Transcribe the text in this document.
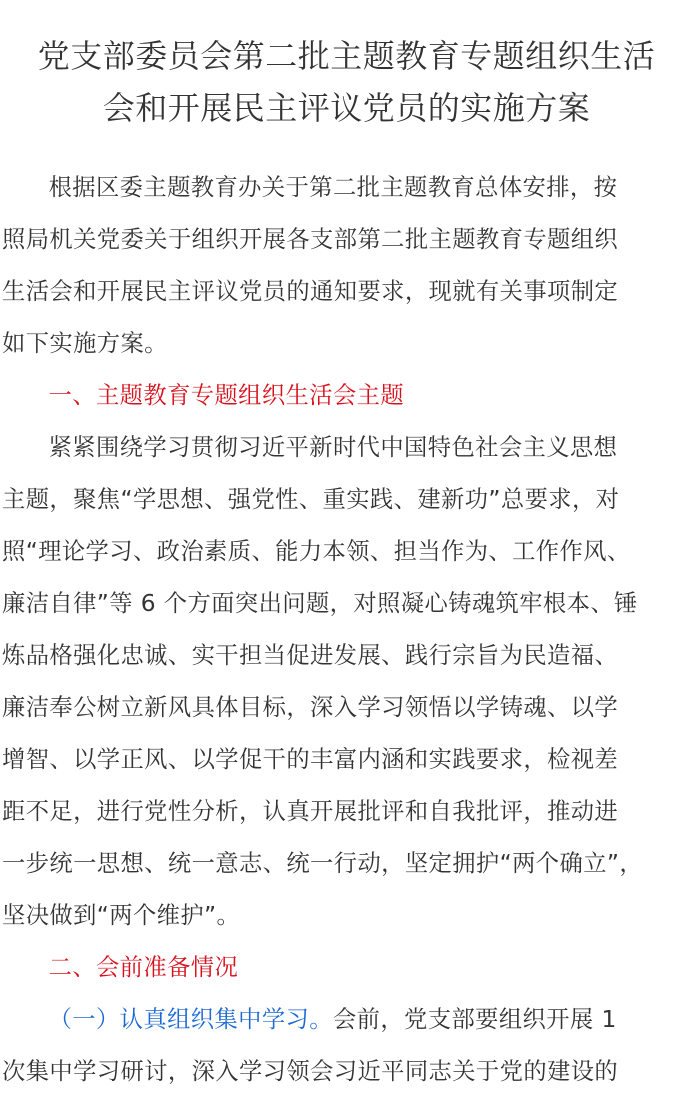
党支部委员会第二批主题教育专题组织生活
会和开展民主评议党员的实施方案
根据区委主题教育办关于第二批主题教育总体安排，按
照局机关党委关于组织开展各支部第二批主题教育专题组织
生活会和开展民主评议党员的通知要求，现就有关事项制定
如下实施方案。
一、主题教育专题组织生活会主题
紧紧围绕学习贯彻习近平新时代中国特色社会主义思想
主题，聚焦“学思想、强党性、重实践、建新功”总要求，对
照“理论学习、政治素质、能力本领、担当作为、工作作风、
廉洁自律”等 6 个方面突出问题，对照凝心铸魂筑牢根本、锤
炼品格强化忠诚、实干担当促进发展、践行宗旨为民造福、
廉洁奉公树立新风具体目标，深入学习领悟以学铸魂、以学
增智、以学正风、以学促干的丰富内涵和实践要求，检视差
距不足，进行党性分析，认真开展批评和自我批评，推动进
一步统一思想、统一意志、统一行动，坚定拥护“两个确立”，
坚决做到“两个维护”。
二、会前准备情况
（一）认真组织集中学习。会前，党支部要组织开展 1
次集中学习研讨，深入学习领会习近平同志关于党的建设的
